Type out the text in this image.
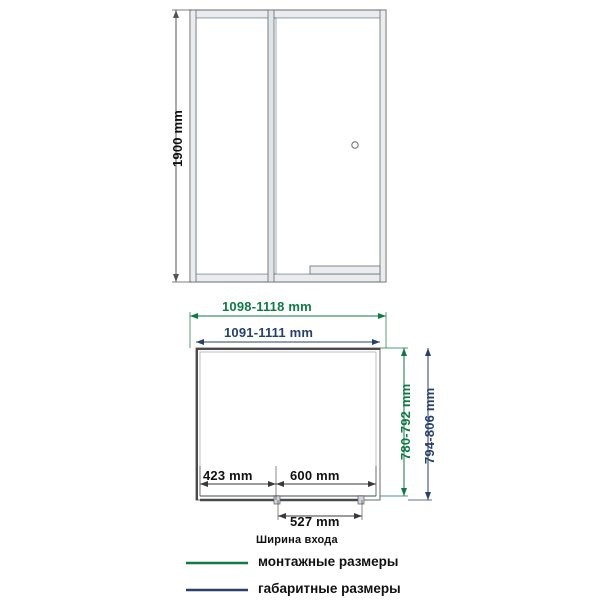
1900 mm
1098-1118 mm
1091-1111 mm
780-792 mm 794-806 mm
423 mm	600 mm
527 mm
Ширина входа
монтажные размеры
габаритные размеры
